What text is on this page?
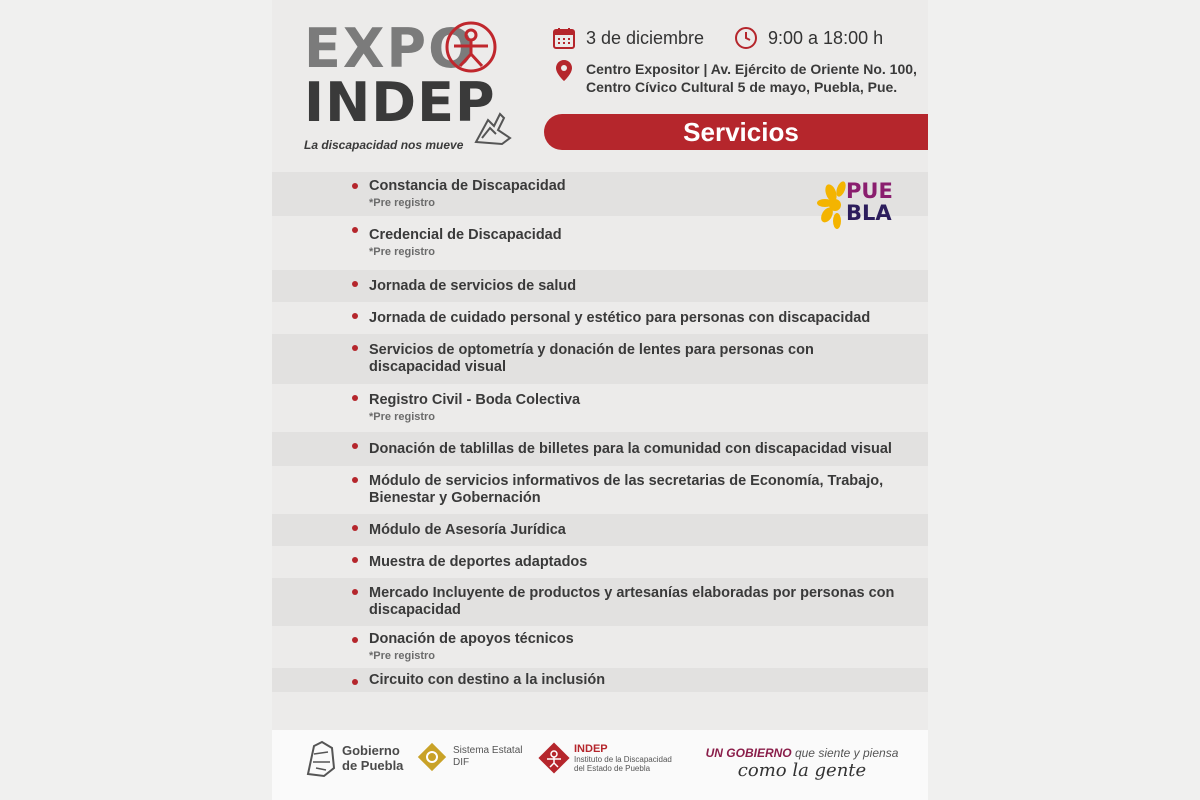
EXPO
INDEP
La discapacidad nos mueve
3 de diciembre	9:00 a 18:00 h
Centro Expositor | Av. Ejército de Oriente No. 100,
Centro Cívico Cultural 5 de mayo, Puebla, Pue.
Servicios
Constancia de Discapacidad
*Pre registro
Credencial de Discapacidad
*Pre registro
Jornada de servicios de salud
Jornada de cuidado personal y estético para personas con discapacidad
Servicios de optometría y donación de lentes para personas con discapacidad visual
Registro Civil - Boda Colectiva
*Pre registro
Donación de tablillas de billetes para la comunidad con discapacidad visual
Módulo de servicios informativos de las secretarias de Economía, Trabajo, Bienestar y Gobernación
Módulo de Asesoría Jurídica
Muestra de deportes adaptados
Mercado Incluyente de productos y artesanías elaboradas por personas con discapacidad
Donación de apoyos técnicos
*Pre registro
Circuito con destino a la inclusión
PUE
BLA
Gobierno
de Puebla
Sistema Estatal
DIF
INDEP
Instituto de la Discapacidad
del Estado de Puebla
UN GOBIERNO que siente y piensa
como la gente
